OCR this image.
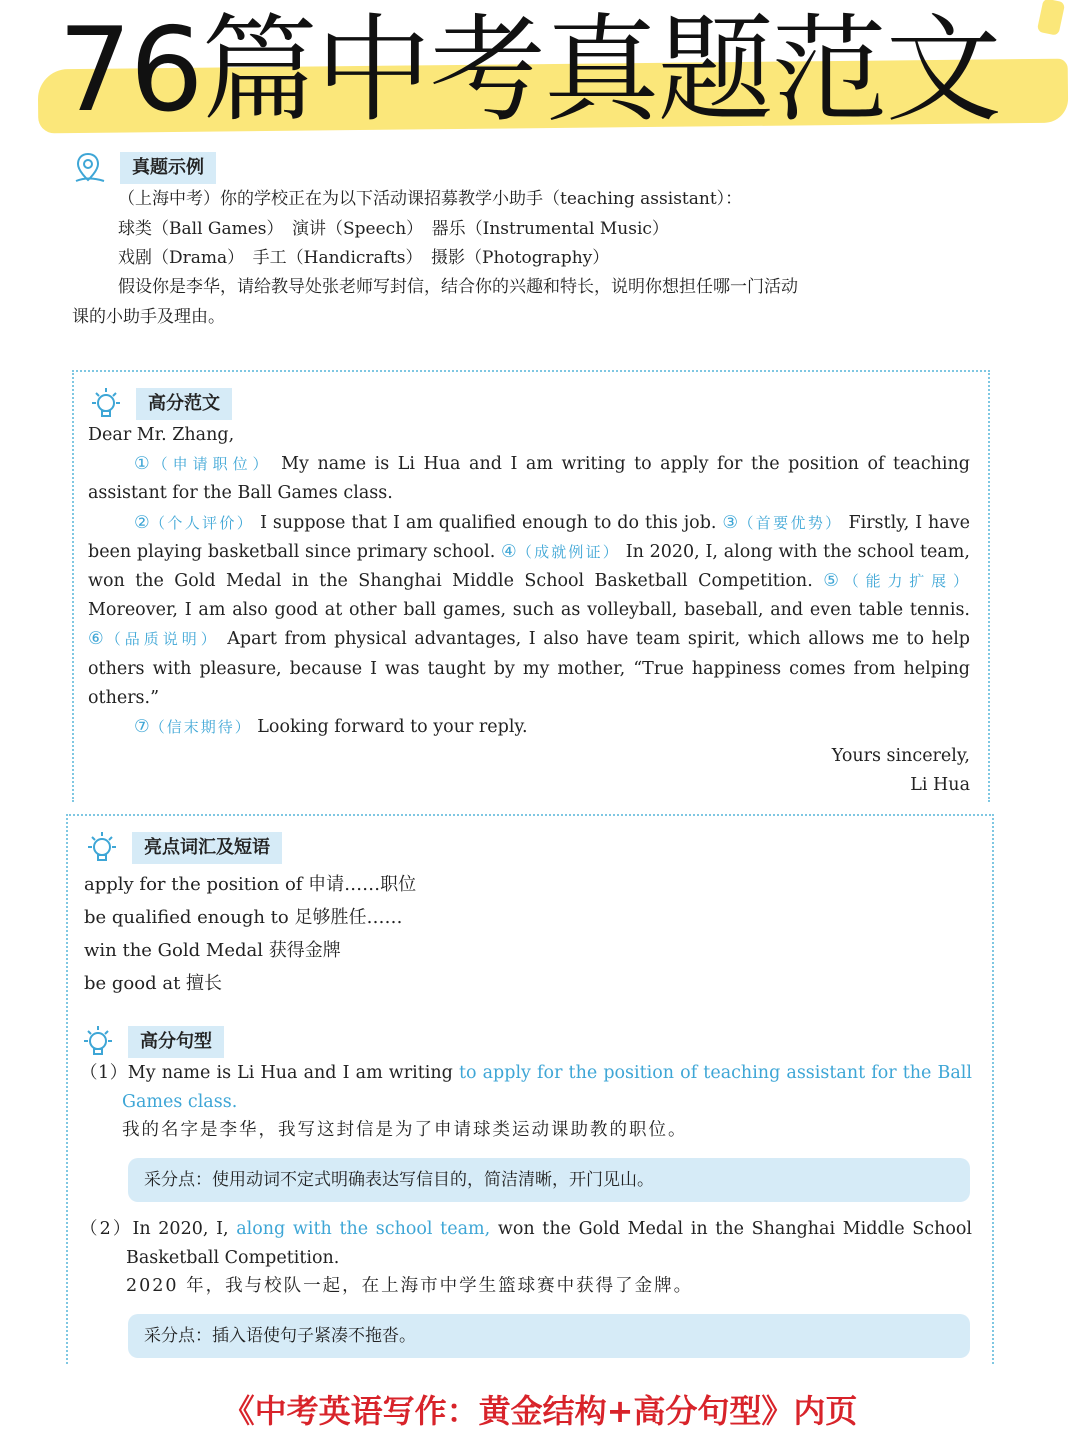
76篇中考真题范文
真题示例
（上海中考）你的学校正在为以下活动课招募教学小助手（teaching assistant）：
球类（Ball Games）　演讲（Speech）　器乐（Instrumental Music）
戏剧（Drama）　手工（Handicrafts）　摄影（Photography）
假设你是李华，请给教导处张老师写封信，结合你的兴趣和特长，说明你想担任哪一门活动
课的小助手及理由。
高分范文

Dear Mr. Zhang,

①（申请职位） My name is Li Hua and I am writing to apply for the position of teaching assistant for the Ball Games class.

②（个人评价） I suppose that I am qualified enough to do this job. ③（首要优势） Firstly, I have been playing basketball since primary school. ④（成就例证） In 2020, I, along with the school team, won the Gold Medal in the Shanghai Middle School Basketball Competition. ⑤（能力扩展） Moreover, I am also good at other ball games, such as volleyball, baseball, and even table tennis. ⑥（品质说明） Apart from physical advantages, I also have team spirit, which allows me to help others with pleasure, because I was taught by my mother, “True happiness comes from helping others.”

⑦（信末期待） Looking forward to your reply.

Yours sincerely,

Li Hua

亮点词汇及短语
apply for the position of 申请……职位
be qualified enough to 足够胜任……
win the Gold Medal 获得金牌
be good at 擅长
高分句型

（1）My name is Li Hua and I am writing to apply for the position of teaching assistant for the Ball Games class.

我的名字是李华，我写这封信是为了申请球类运动课助教的职位。

采分点：使用动词不定式明确表达写信目的，简洁清晰，开门见山。

（2）In 2020, I, along with the school team, won the Gold Medal in the Shanghai Middle School Basketball Competition.

2020 年，我与校队一起，在上海市中学生篮球赛中获得了金牌。

采分点：插入语使句子紧凑不拖沓。
《中考英语写作：黄金结构+高分句型》内页
